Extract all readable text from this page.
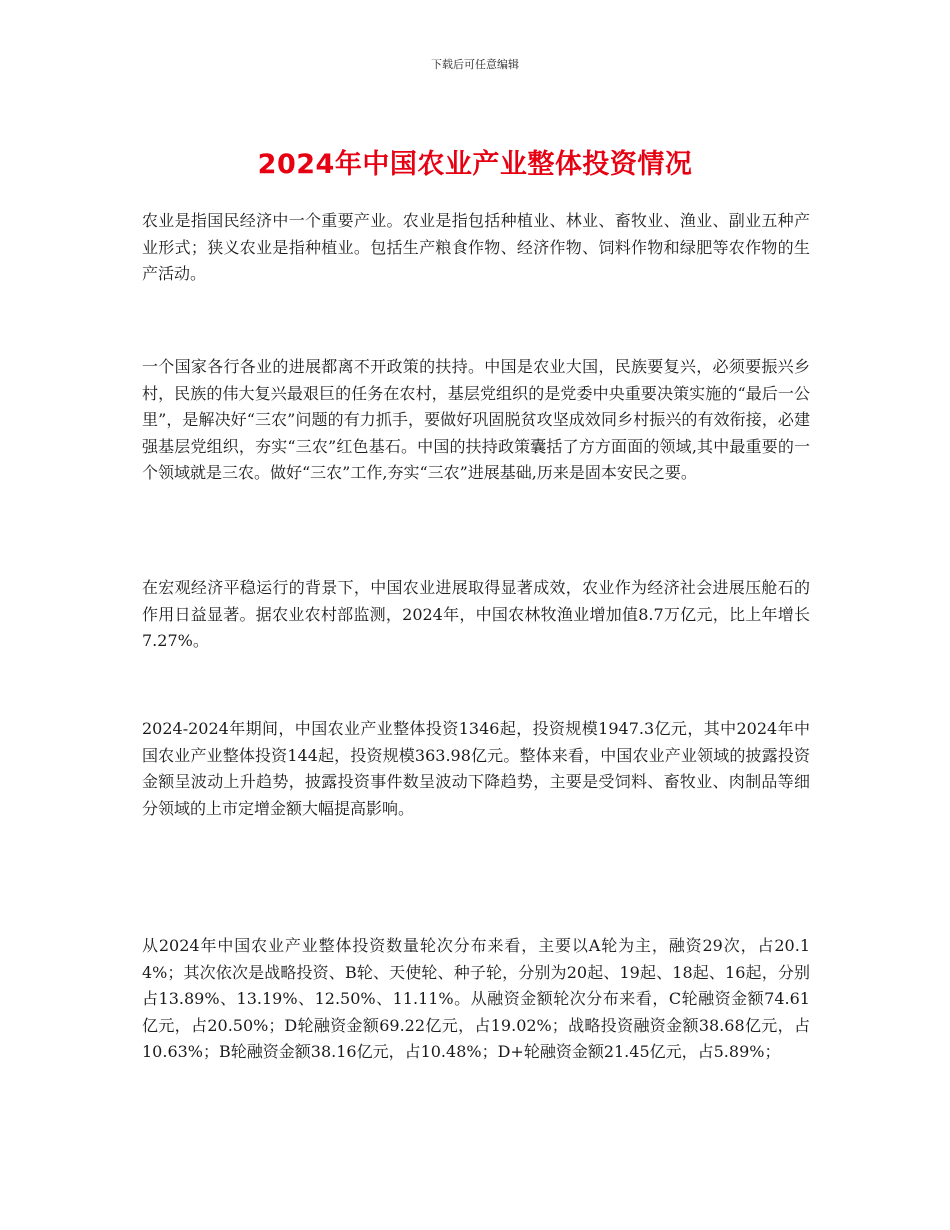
下载后可任意编辑
2024年中国农业产业整体投资情况

农业是指国民经济中一个重要产业。农业是指包括种植业、林业、畜牧业、渔业、副业五种产业形式；狭义农业是指种植业。包括生产粮食作物、经济作物、饲料作物和绿肥等农作物的生产活动。

一个国家各行各业的进展都离不开政策的扶持。中国是农业大国，民族要复兴，必须要振兴乡村，民族的伟大复兴最艰巨的任务在农村，基层党组织的是党委中央重要决策实施的“最后一公里”，是解决好“三农”问题的有力抓手，要做好巩固脱贫攻坚成效同乡村振兴的有效衔接，必建强基层党组织，夯实“三农”红色基石。中国的扶持政策囊括了方方面面的领域,其中最重要的一个领域就是三农。做好“三农”工作,夯实“三农”进展基础,历来是固本安民之要。

在宏观经济平稳运行的背景下，中国农业进展取得显著成效，农业作为经济社会进展压舱石的作用日益显著。据农业农村部监测，2024年，中国农林牧渔业增加值8.7万亿元，比上年增长7.27%。

2024-2024年期间，中国农业产业整体投资1346起，投资规模1947.3亿元，其中2024年中国农业产业整体投资144起，投资规模363.98亿元。整体来看，中国农业产业领域的披露投资金额呈波动上升趋势，披露投资事件数呈波动下降趋势，主要是受饲料、畜牧业、肉制品等细分领域的上市定增金额大幅提高影响。

从2024年中国农业产业整体投资数量轮次分布来看，主要以A轮为主，融资29次，占20.14%；其次依次是战略投资、B轮、天使轮、种子轮，分别为20起、19起、18起、16起，分别占13.89%、13.19%、12.50%、11.11%。从融资金额轮次分布来看，C轮融资金额74.61亿元，占20.50%；D轮融资金额69.22亿元，占19.02%；战略投资融资金额38.68亿元，占10.63%；B轮融资金额38.16亿元，占10.48%；D+轮融资金额21.45亿元，占5.89%；
